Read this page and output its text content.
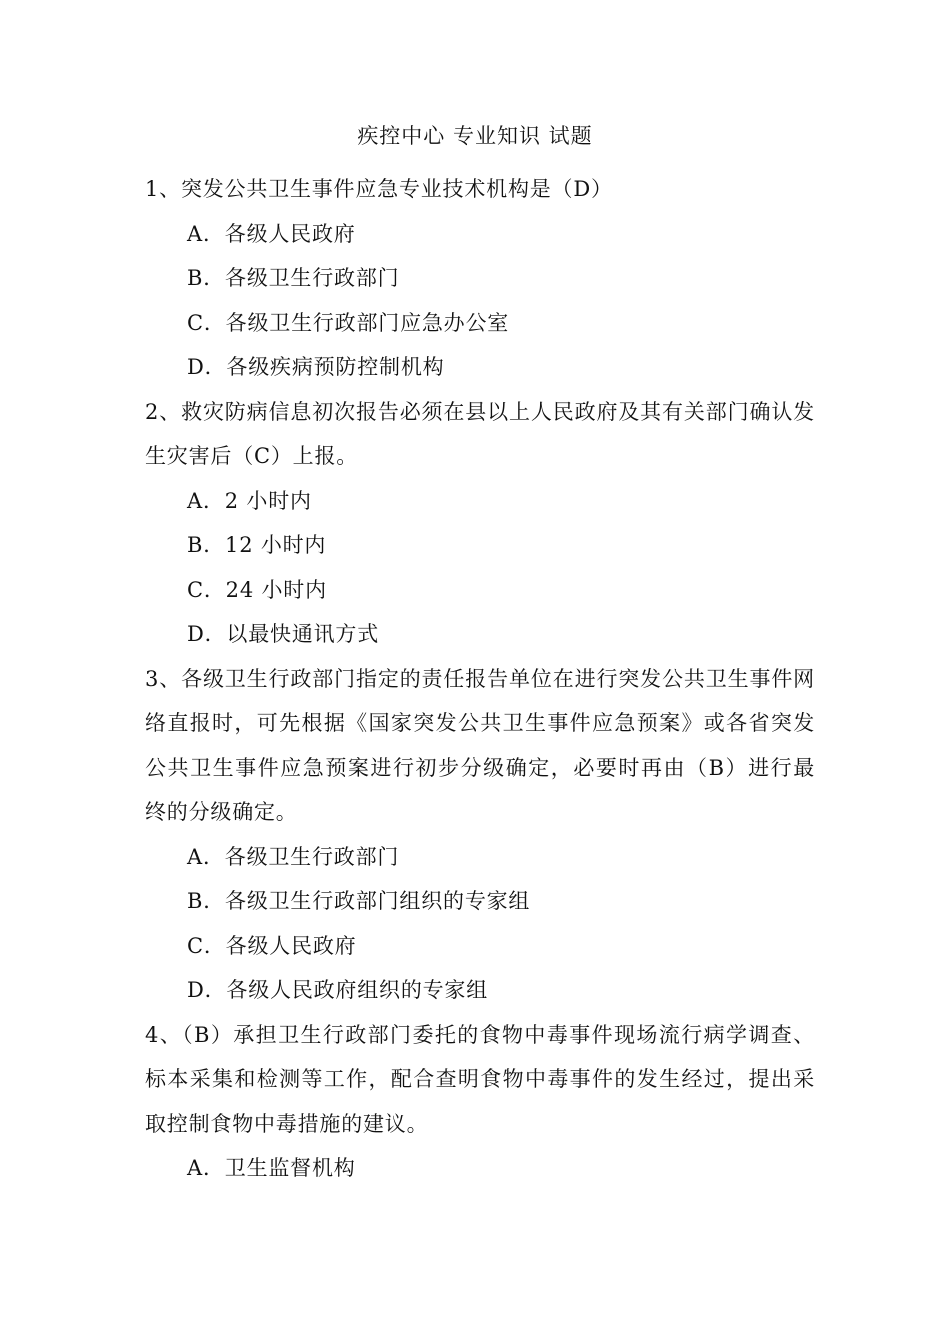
疾控中心 专业知识 试题

1、突发公共卫生事件应急专业技术机构是（D）

A．各级人民政府

B．各级卫生行政部门

C．各级卫生行政部门应急办公室

D．各级疾病预防控制机构

2、救灾防病信息初次报告必须在县以上人民政府及其有关部门确认发生灾害后（C）上报。

A．2 小时内

B．12 小时内

C．24 小时内

D．以最快通讯方式

3、各级卫生行政部门指定的责任报告单位在进行突发公共卫生事件网络直报时，可先根据《国家突发公共卫生事件应急预案》或各省突发公共卫生事件应急预案进行初步分级确定，必要时再由（B）进行最终的分级确定。

A．各级卫生行政部门

B．各级卫生行政部门组织的专家组

C．各级人民政府

D．各级人民政府组织的专家组

4、（B）承担卫生行政部门委托的食物中毒事件现场流行病学调查、标本采集和检测等工作，配合查明食物中毒事件的发生经过，提出采取控制食物中毒措施的建议。

A．卫生监督机构
